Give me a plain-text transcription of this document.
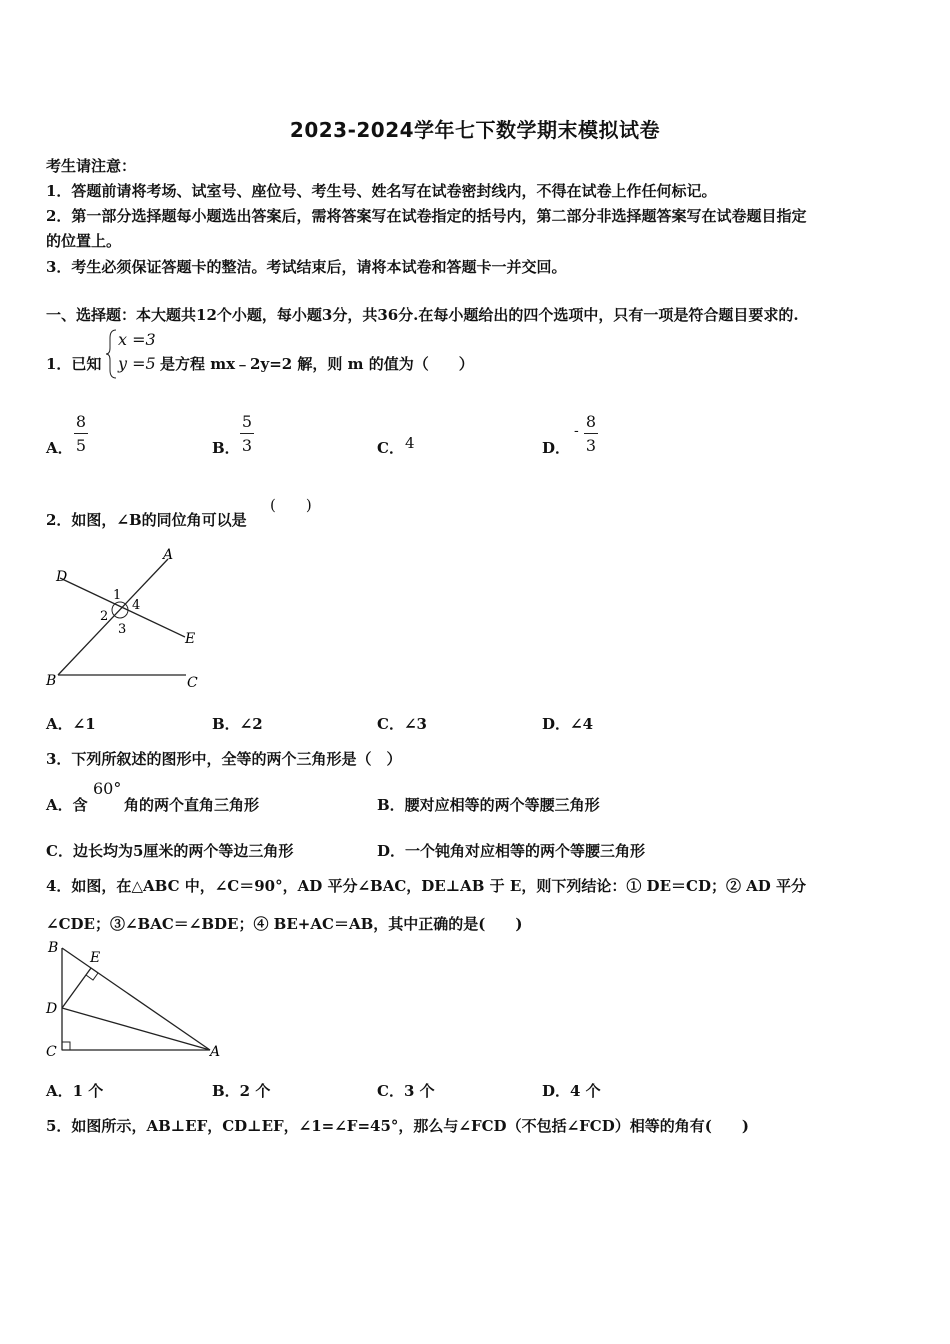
2023-2024学年七下数学期末模拟试卷
考生请注意：
1．答题前请将考场、试室号、座位号、考生号、姓名写在试卷密封线内，不得在试卷上作任何标记。
2．第一部分选择题每小题选出答案后，需将答案写在试卷指定的括号内，第二部分非选择题答案写在试卷题目指定
的位置上。
3．考生必须保证答题卡的整洁。考试结束后，请将本试卷和答题卡一并交回。
一、选择题：本大题共12个小题，每小题3分，共36分.在每小题给出的四个选项中，只有一项是符合题目要求的.
1．已知
x =3
y =5 是方程 mx﹣2y=2 解，则 m 的值为（　　）
A．
8
5	B．
5
3	C． 4	D．
- 8
3
2．如图，∠B的同位角可以是
(　　)
A
D
E
B	C
1
2
3
4
A．∠1	B．∠2	C．∠3	D．∠4
3．下列所叙述的图形中，全等的两个三角形是（　）
A．含
60°
角的两个直角三角形	B．腰对应相等的两个等腰三角形
C．边长均为5厘米的两个等边三角形	D．一个钝角对应相等的两个等腰三角形
4．如图，在△ABC 中，∠C＝90°，AD 平分∠BAC，DE⊥AB 于 E，则下列结论：① DE＝CD；② AD 平分
∠CDE；③∠BAC＝∠BDE；④ BE+AC＝AB，其中正确的是(　　)
B
E
D
C	A
A．1 个	B．2 个	C．3 个	D．4 个
5．如图所示，AB⊥EF，CD⊥EF，∠1=∠F=45°，那么与∠FCD（不包括∠FCD）相等的角有(　　)
